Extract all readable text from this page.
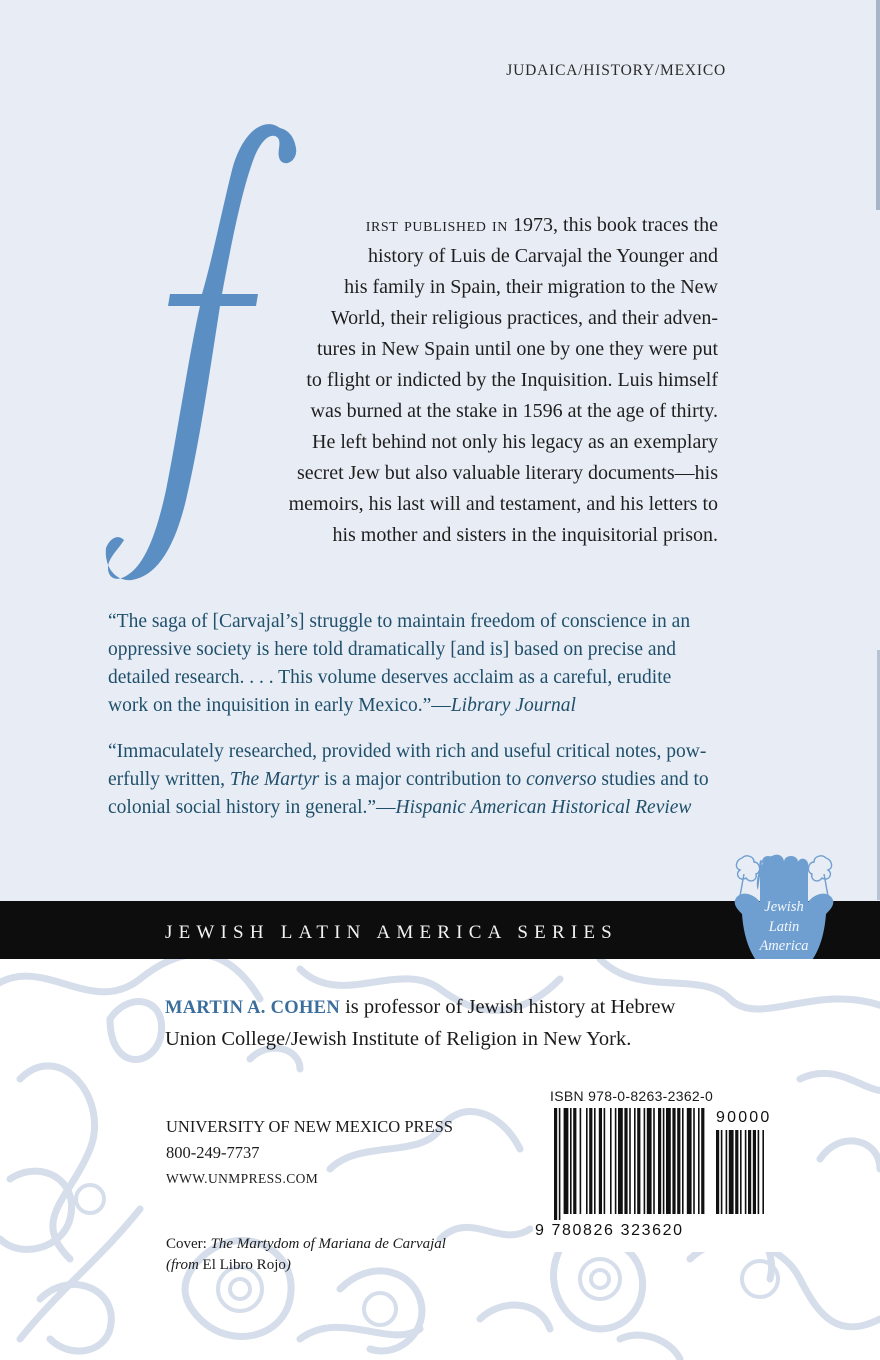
JUDAICA/HISTORY/MEXICO
irst published in 1973, this book traces the
history of Luis de Carvajal the Younger and
his family in Spain, their migration to the New
World, their religious practices, and their adven-
tures in New Spain until one by one they were put
to flight or indicted by the Inquisition. Luis himself
was burned at the stake in 1596 at the age of thirty.
He left behind not only his legacy as an exemplary
secret Jew but also valuable literary documents—his
memoirs, his last will and testament, and his letters to
his mother and sisters in the inquisitorial prison.
“The saga of [Carvajal’s] struggle to maintain freedom of conscience in an
oppressive society is here told dramatically [and is] based on precise and
detailed research. . . . This volume deserves acclaim as a careful, erudite
work on the inquisition in early Mexico.”—Library Journal
“Immaculately researched, provided with rich and useful critical notes, pow-
erfully written, The Martyr is a major contribution to converso studies and to
colonial social history in general.”—Hispanic American Historical Review
JEWISH LATIN AMERICA SERIES
Jewish
Latin
America
MARTIN A. COHEN is professor of Jewish history at Hebrew
Union College/Jewish Institute of Religion in New York.
UNIVERSITY OF NEW MEXICO PRESS
800-249-7737
WWW.UNMPRESS.COM
Cover: The Martydom of Mariana de Carvajal
(from El Libro Rojo)
ISBN 978-0-8263-2362-0
9 780826 323620
90000
